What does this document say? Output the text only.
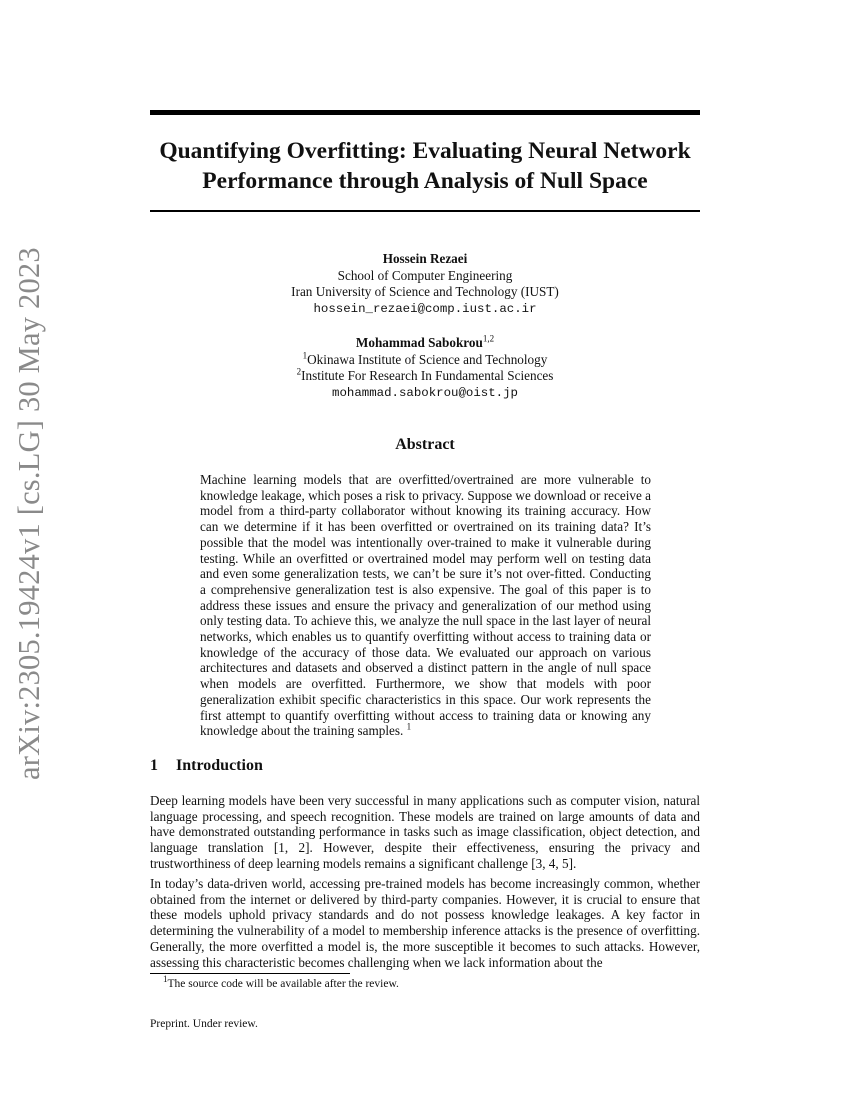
arXiv:2305.19424v1 [cs.LG] 30 May 2023
Quantifying Overfitting: Evaluating Neural Network
Performance through Analysis of Null Space
Hossein Rezaei
School of Computer Engineering
Iran University of Science and Technology (IUST)
hossein_rezaei@comp.iust.ac.ir
Mohammad Sabokrou$^{1,2}$
$^1$Okinawa Institute of Science and Technology
$^2$Institute For Research In Fundamental Sciences
mohammad.sabokrou@oist.jp
Abstract

Machine learning models that are overfitted/overtrained are more vulnerable to knowledge leakage, which poses a risk to privacy. Suppose we download or receive a model from a third-party collaborator without knowing its training accuracy. How can we determine if it has been overfitted or overtrained on its training data? It’s possible that the model was intentionally over-trained to make it vulnerable during testing. While an overfitted or overtrained model may perform well on testing data and even some generalization tests, we can’t be sure it’s not over-fitted. Conducting a comprehensive generalization test is also expensive. The goal of this paper is to address these issues and ensure the privacy and generalization of our method using only testing data. To achieve this, we analyze the null space in the last layer of neural networks, which enables us to quantify overfitting without access to training data or knowledge of the accuracy of those data. We evaluated our approach on various architectures and datasets and observed a distinct pattern in the angle of null space when models are overfitted. Furthermore, we show that models with poor generalization exhibit specific characteristics in this space. Our work represents the first attempt to quantify overfitting without access to training data or knowing any knowledge about the training samples. $^1$

1 Introduction

Deep learning models have been very successful in many applications such as computer vision, natural language processing, and speech recognition. These models are trained on large amounts of data and have demonstrated outstanding performance in tasks such as image classification, object detection, and language translation [1, 2]. However, despite their effectiveness, ensuring the privacy and trustworthiness of deep learning models remains a significant challenge [3, 4, 5].

In today’s data-driven world, accessing pre-trained models has become increasingly common, whether obtained from the internet or delivered by third-party companies. However, it is crucial to ensure that these models uphold privacy standards and do not possess knowledge leakages. A key factor in determining the vulnerability of a model to membership inference attacks is the presence of overfitting. Generally, the more overfitted a model is, the more susceptible it becomes to such attacks. However, assessing this characteristic becomes challenging when we lack information about the

$^1$The source code will be available after the review.
Preprint. Under review.
